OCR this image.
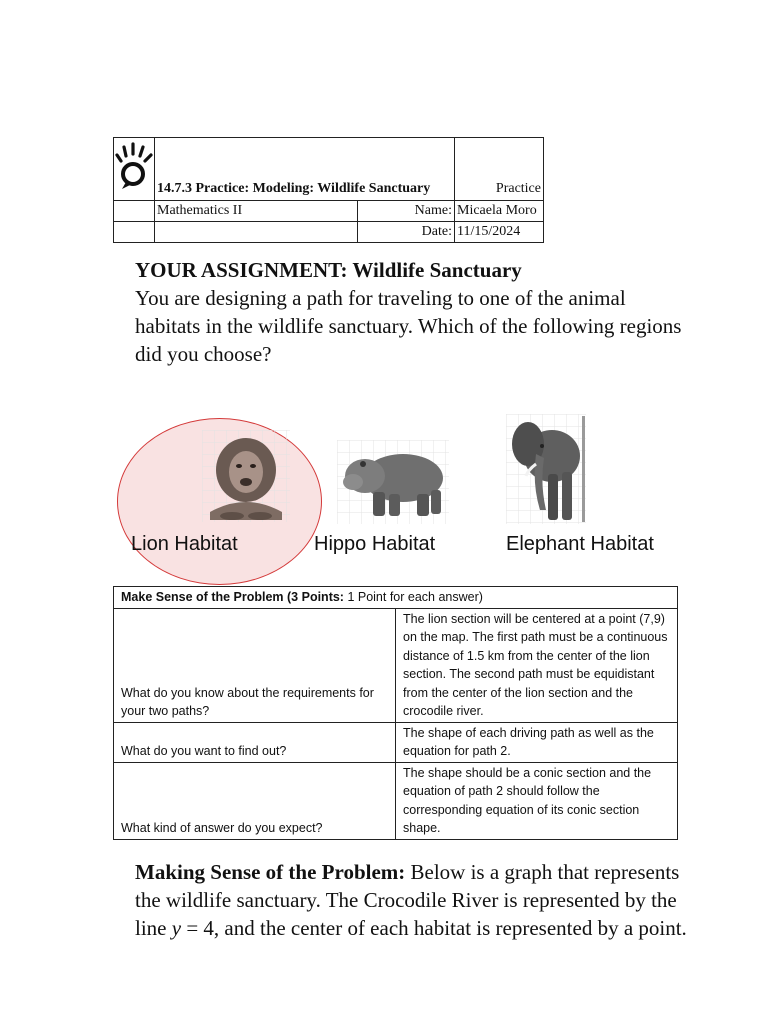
	14.7.3 Practice: Modeling: Wildlife Sanctuary		Practice
	Mathematics II	Name:	Micaela Moro
		Date:	11/15/2024

YOUR ASSIGNMENT: Wildlife Sanctuary

You are designing a path for traveling to one of the animal habitats in the wildlife sanctuary. Which of the following regions did you choose?

Lion Habitat	Hippo Habitat	Elephant Habitat

Make Sense of the Problem (3 Points: 1 Point for each answer)	
What do you know about the requirements for your two paths?	The lion section will be centered at a point (7,9) on the map. The first path must be a continuous distance of 1.5 km from the center of the lion section. The second path must be equidistant from the center of the lion section and the crocodile river.
What do you want to find out?	The shape of each driving path as well as the equation for path 2.
What kind of answer do you expect?	The shape should be a conic section and the equation of path 2 should follow the corresponding equation of its conic section shape.

Making Sense of the Problem: Below is a graph that represents the wildlife sanctuary. The Crocodile River is represented by the line y = 4, and the center of each habitat is represented by a point.
